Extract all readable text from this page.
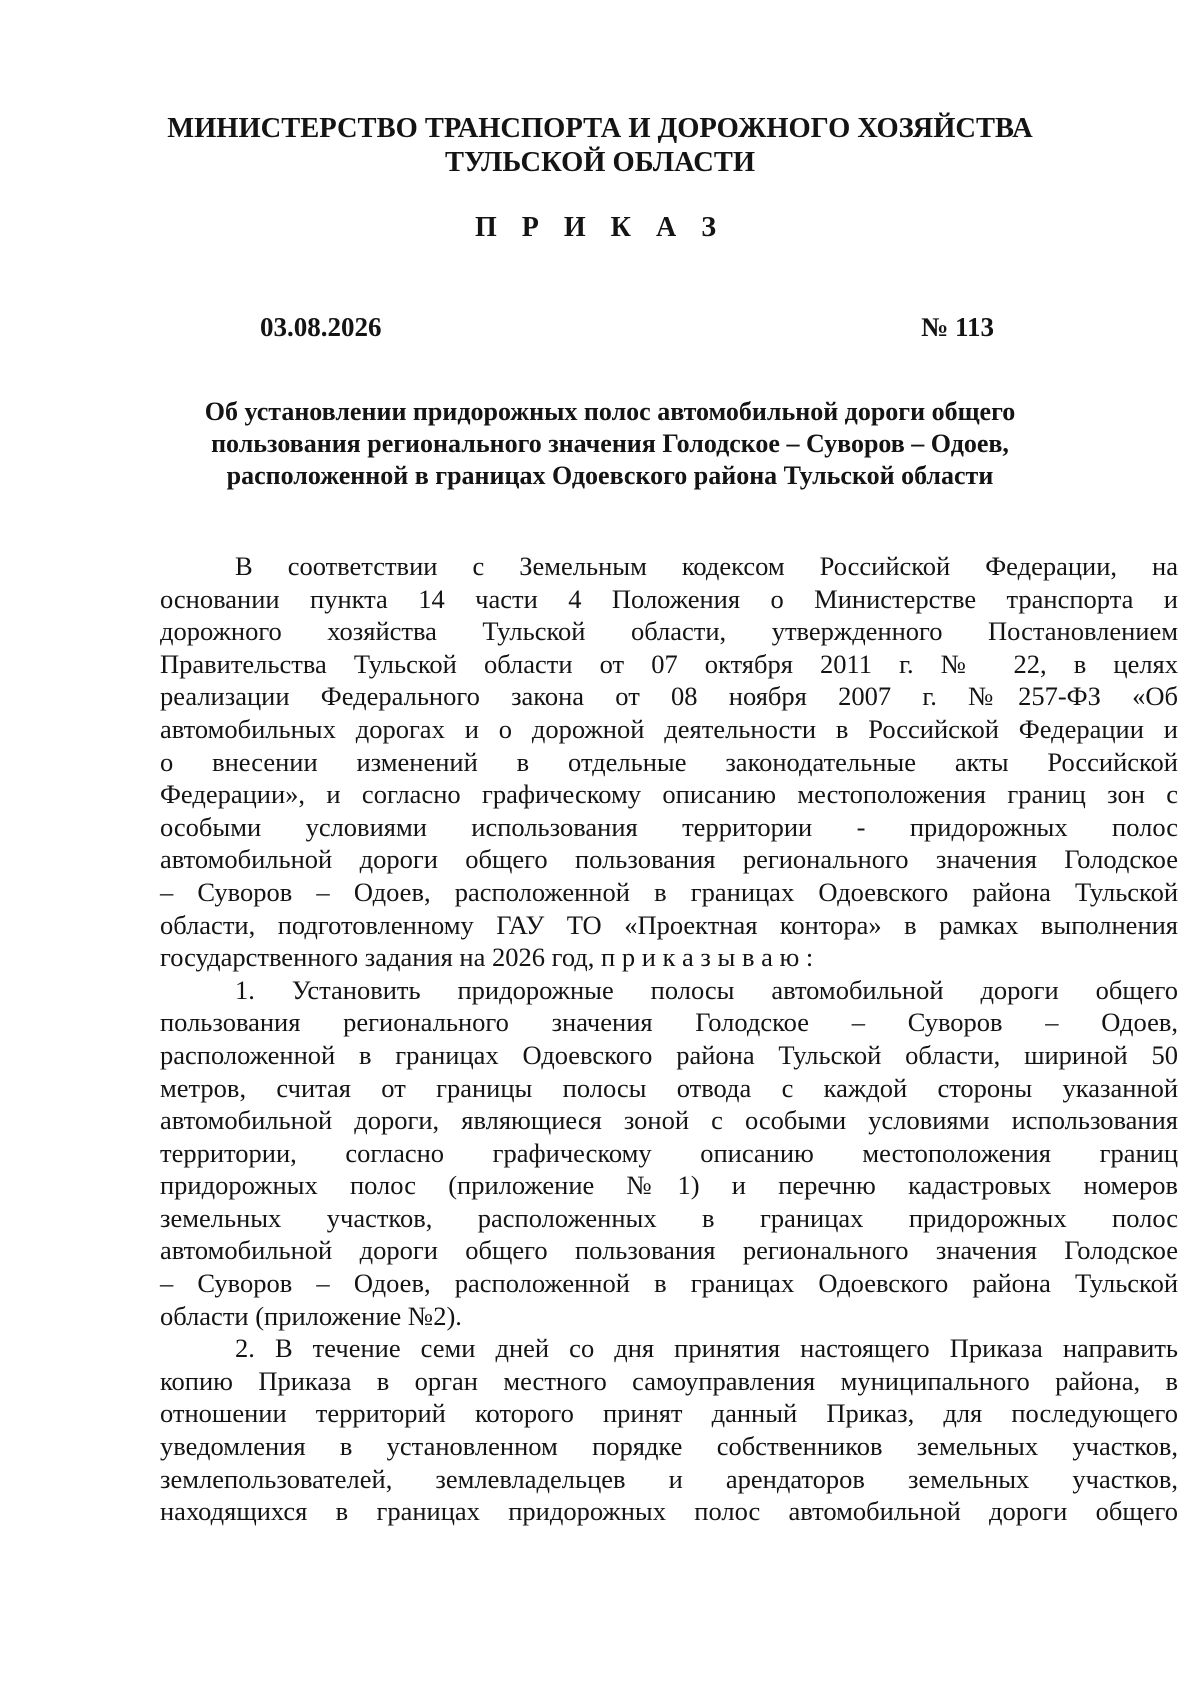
МИНИСТЕРСТВО ТРАНСПОРТА И ДОРОЖНОГО ХОЗЯЙСТВА
ТУЛЬСКОЙ ОБЛАСТИ
П Р И К А З
03.08.2026	№ 113
Об установлении придорожных полос автомобильной дороги общего
пользования регионального значения Голодское – Суворов – Одоев,
расположенной в границах Одоевского района Тульской области
В соответствии с Земельным кодексом Российской Федерации, на
основании пункта 14 части 4 Положения о Министерстве транспорта и
дорожного хозяйства Тульской области, утвержденного Постановлением
Правительства Тульской области от 07 октября 2011 г. № 22, в целях
реализации Федерального закона от 08 ноября 2007 г. №257-ФЗ «Об
автомобильных дорогах и о дорожной деятельности в Российской Федерации и
о внесении изменений в отдельные законодательные акты Российской
Федерации», и согласно графическому описанию местоположения границ зон с
особыми условиями использования территории - придорожных полос
автомобильной дороги общего пользования регионального значения Голодское
– Суворов – Одоев, расположенной в границах Одоевского района Тульской
области, подготовленному ГАУ ТО «Проектная контора» в рамках выполнения
государственного задания на 2026 год, п р и к а з ы в а ю :
1. Установить придорожные полосы автомобильной дороги общего
пользования регионального значения Голодское – Суворов – Одоев,
расположенной в границах Одоевского района Тульской области, шириной 50
метров, считая от границы полосы отвода с каждой стороны указанной
автомобильной дороги, являющиеся зоной с особыми условиями использования
территории, согласно графическому описанию местоположения границ
придорожных полос (приложение №1) и перечню кадастровых номеров
земельных участков, расположенных в границах придорожных полос
автомобильной дороги общего пользования регионального значения Голодское
– Суворов – Одоев, расположенной в границах Одоевского района Тульской
области (приложение №2).
2. В течение семи дней со дня принятия настоящего Приказа направить
копию Приказа в орган местного самоуправления муниципального района, в
отношении территорий которого принят данный Приказ, для последующего
уведомления в установленном порядке собственников земельных участков,
землепользователей, землевладельцев и арендаторов земельных участков,
находящихся в границах придорожных полос автомобильной дороги общего
